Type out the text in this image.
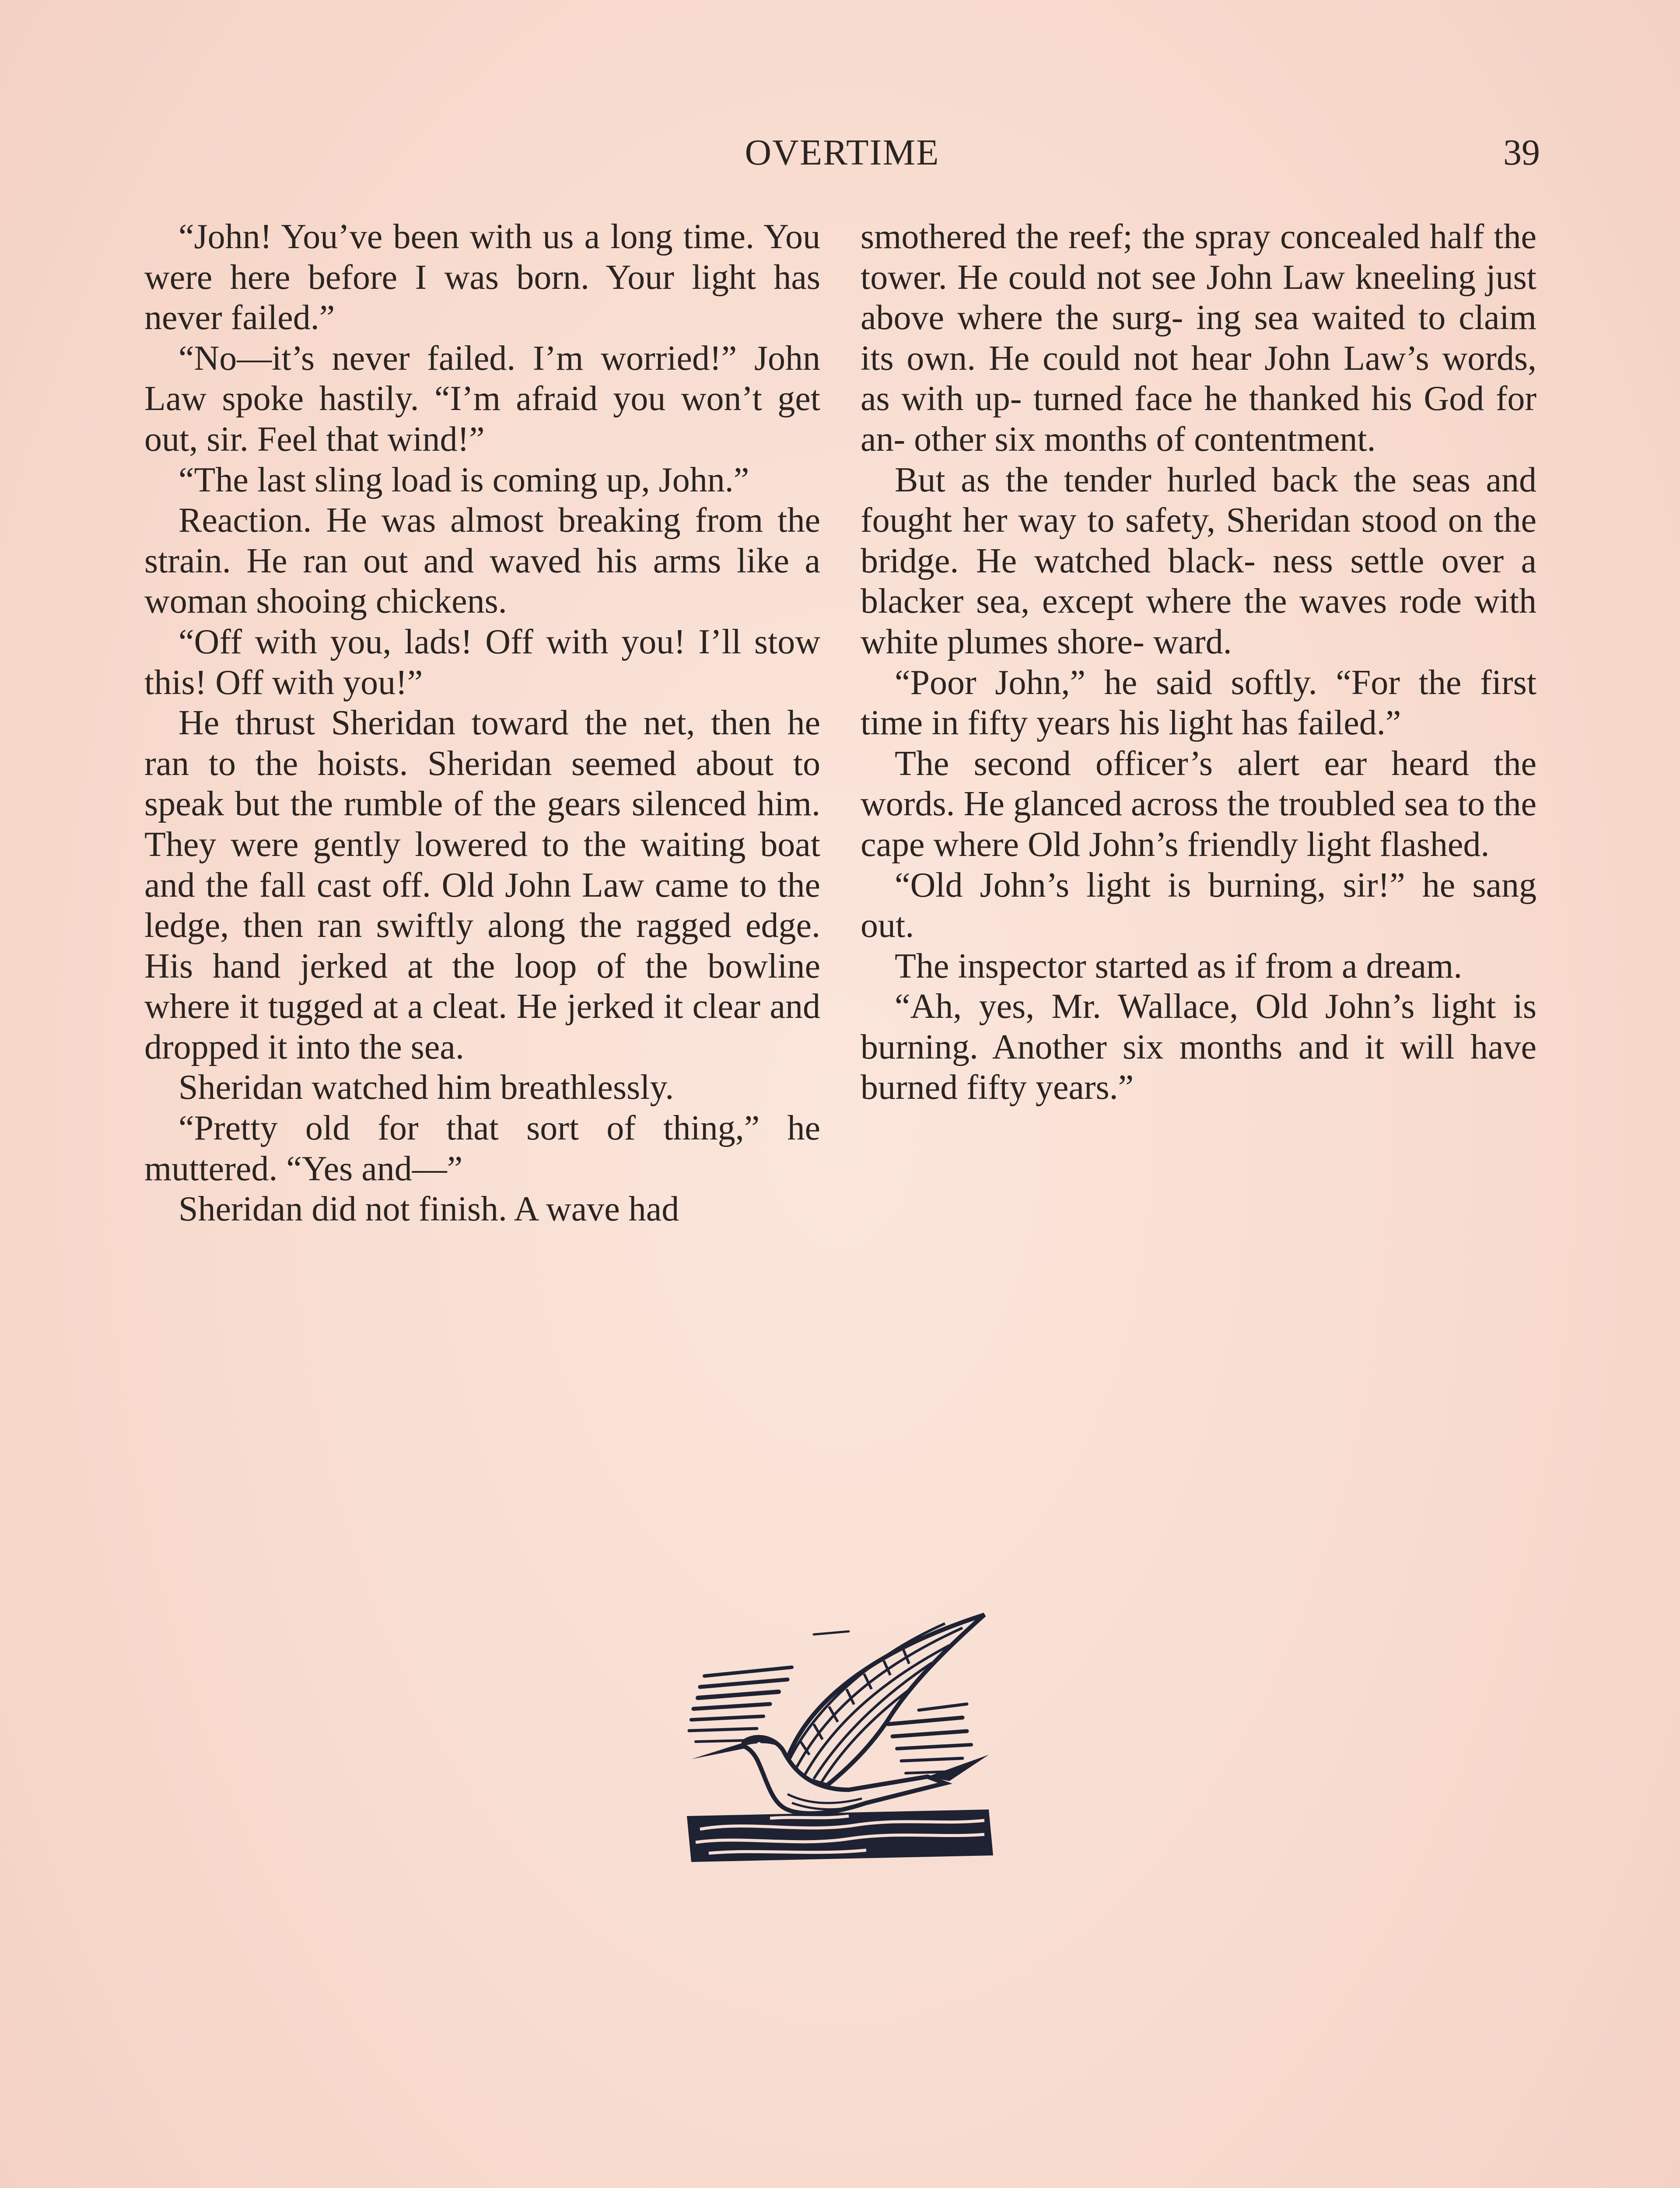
OVERTIME	39

“John! You’ve been with us a long time. You were here before I was born. Your light has never failed.”

“No—it’s never failed. I’m worried!” John Law spoke hastily. “I’m afraid you won’t get out, sir. Feel that wind!”

“The last sling load is coming up, John.”

Reaction. He was almost breaking from the strain. He ran out and waved his arms like a woman shooing chickens.

“Off with you, lads! Off with you! I’ll stow this! Off with you!”

He thrust Sheridan toward the net, then he ran to the hoists. Sheridan seemed about to speak but the rumble of the gears silenced him. They were gently lowered to the waiting boat and the fall cast off. Old John Law came to the ledge, then ran swiftly along the ragged edge. His hand jerked at the loop of the bowline where it tugged at a cleat. He jerked it clear and dropped it into the sea.

Sheridan watched him breathlessly.

“Pretty old for that sort of thing,” he muttered. “Yes and—”

Sheridan did not finish. A wave had

smothered the reef; the spray concealed half the tower. He could not see John Law kneeling just above where the surg- ing sea waited to claim its own. He could not hear John Law’s words, as with up- turned face he thanked his God for an- other six months of contentment.

But as the tender hurled back the seas and fought her way to safety, Sheridan stood on the bridge. He watched black- ness settle over a blacker sea, except where the waves rode with white plumes shore- ward.

“Poor John,” he said softly. “For the first time in fifty years his light has failed.”

The second officer’s alert ear heard the words. He glanced across the troubled sea to the cape where Old John’s friendly light flashed.

“Old John’s light is burning, sir!” he sang out.

The inspector started as if from a dream.

“Ah, yes, Mr. Wallace, Old John’s light is burning. Another six months and it will have burned fifty years.”
